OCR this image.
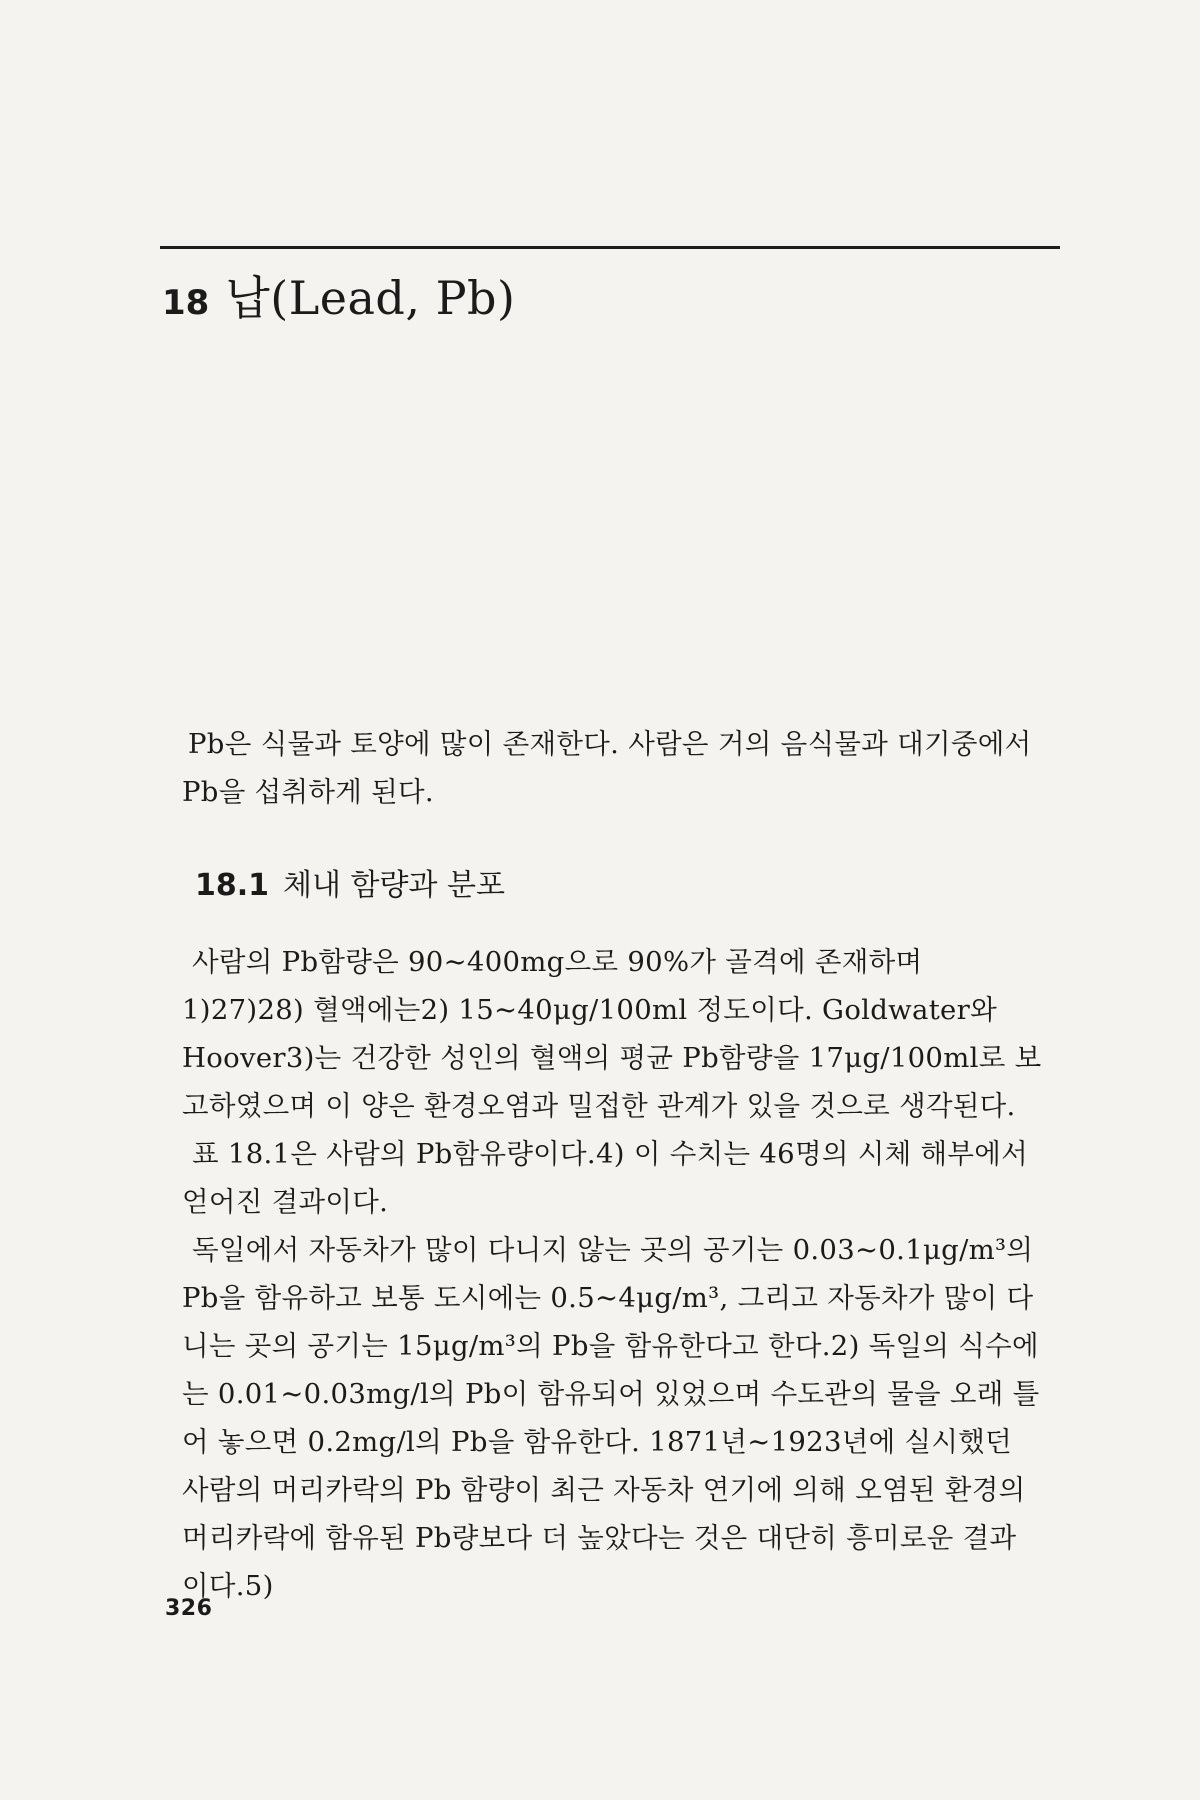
18 납(Lead, Pb)

Pb은 식물과 토양에 많이 존재한다. 사람은 거의 음식물과 대기중에서 Pb을 섭취하게 된다.

18.1 체내 함량과 분포
사람의 Pb함량은 90∼400mg으로 90%가 골격에 존재하며1)27)28) 혈액에는2) 15∼40μg/100ml 정도이다. Goldwater와 Hoover3)는 건강한 성인의 혈액의 평균 Pb함량을 17μg/100ml로 보고하였으며 이 양은 환경오염과 밀접한 관계가 있을 것으로 생각된다.
표 18.1은 사람의 Pb함유량이다.4) 이 수치는 46명의 시체 해부에서 얻어진 결과이다.
독일에서 자동차가 많이 다니지 않는 곳의 공기는 0.03∼0.1μg/m³의 Pb을 함유하고 보통 도시에는 0.5∼4μg/m³, 그리고 자동차가 많이 다니는 곳의 공기는 15μg/m³의 Pb을 함유한다고 한다.2) 독일의 식수에는 0.01∼0.03mg/l의 Pb이 함유되어 있었으며 수도관의 물을 오래 틀어 놓으면 0.2mg/l의 Pb을 함유한다. 1871년∼1923년에 실시했던 사람의 머리카락의 Pb 함량이 최근 자동차 연기에 의해 오염된 환경의 머리카락에 함유된 Pb량보다 더 높았다는 것은 대단히 흥미로운 결과이다.5)
326
